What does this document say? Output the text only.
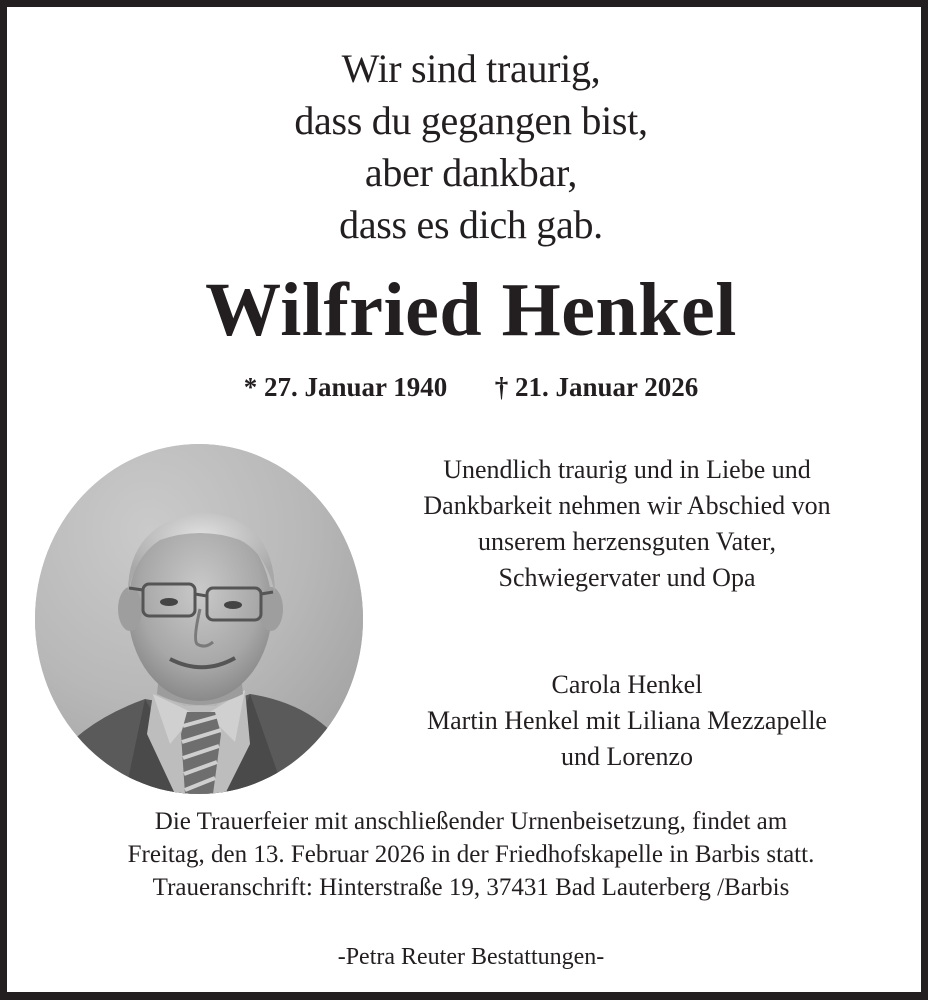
Wir sind traurig,
dass du gegangen bist,
aber dankbar,
dass es dich gab.
Wilfried Henkel
* 27. Januar 1940 † 21. Januar 2026
Unendlich traurig und in Liebe und
Dankbarkeit nehmen wir Abschied von
unserem herzensguten Vater,
Schwiegervater und Opa
Carola Henkel
Martin Henkel mit Liliana Mezzapelle
und Lorenzo
Die Trauerfeier mit anschließender Urnenbeisetzung, findet am
Freitag, den 13. Februar 2026 in der Friedhofskapelle in Barbis statt.
Traueranschrift: Hinterstraße 19, 37431 Bad Lauterberg /Barbis
-Petra Reuter Bestattungen-
